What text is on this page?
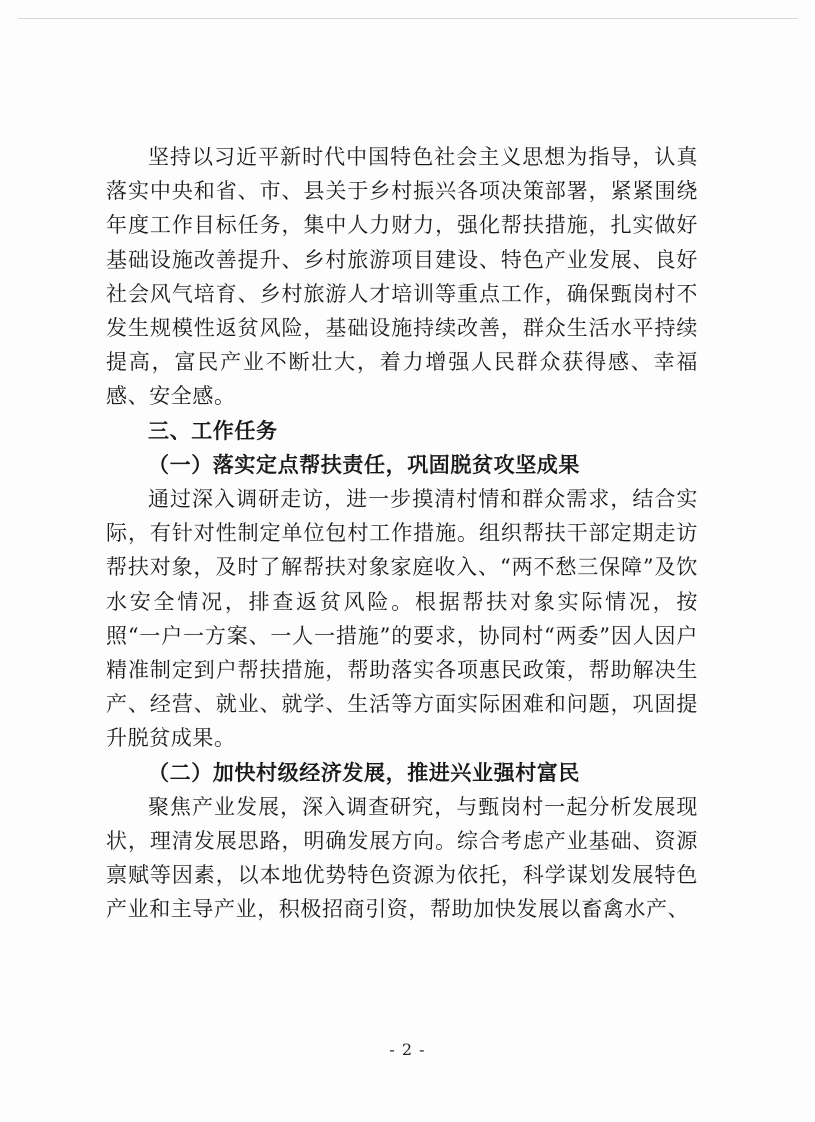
坚持以习近平新时代中国特色社会主义思想为指导，认真落实中央和省、市、县关于乡村振兴各项决策部署，紧紧围绕年度工作目标任务，集中人力财力，强化帮扶措施，扎实做好基础设施改善提升、乡村旅游项目建设、特色产业发展、良好社会风气培育、乡村旅游人才培训等重点工作，确保甄岗村不发生规模性返贫风险，基础设施持续改善，群众生活水平持续提高，富民产业不断壮大，着力增强人民群众获得感、幸福感、安全感。

三、工作任务

（一）落实定点帮扶责任，巩固脱贫攻坚成果

通过深入调研走访，进一步摸清村情和群众需求，结合实际，有针对性制定单位包村工作措施。组织帮扶干部定期走访帮扶对象，及时了解帮扶对象家庭收入、“两不愁三保障”及饮水安全情况，排查返贫风险。根据帮扶对象实际情况，按照“一户一方案、一人一措施”的要求，协同村“两委”因人因户精准制定到户帮扶措施，帮助落实各项惠民政策，帮助解决生产、经营、就业、就学、生活等方面实际困难和问题，巩固提升脱贫成果。

（二）加快村级经济发展，推进兴业强村富民

聚焦产业发展，深入调查研究，与甄岗村一起分析发展现状，理清发展思路，明确发展方向。综合考虑产业基础、资源禀赋等因素，以本地优势特色资源为依托，科学谋划发展特色产业和主导产业，积极招商引资，帮助加快发展以畜禽水产、

- 2 -
